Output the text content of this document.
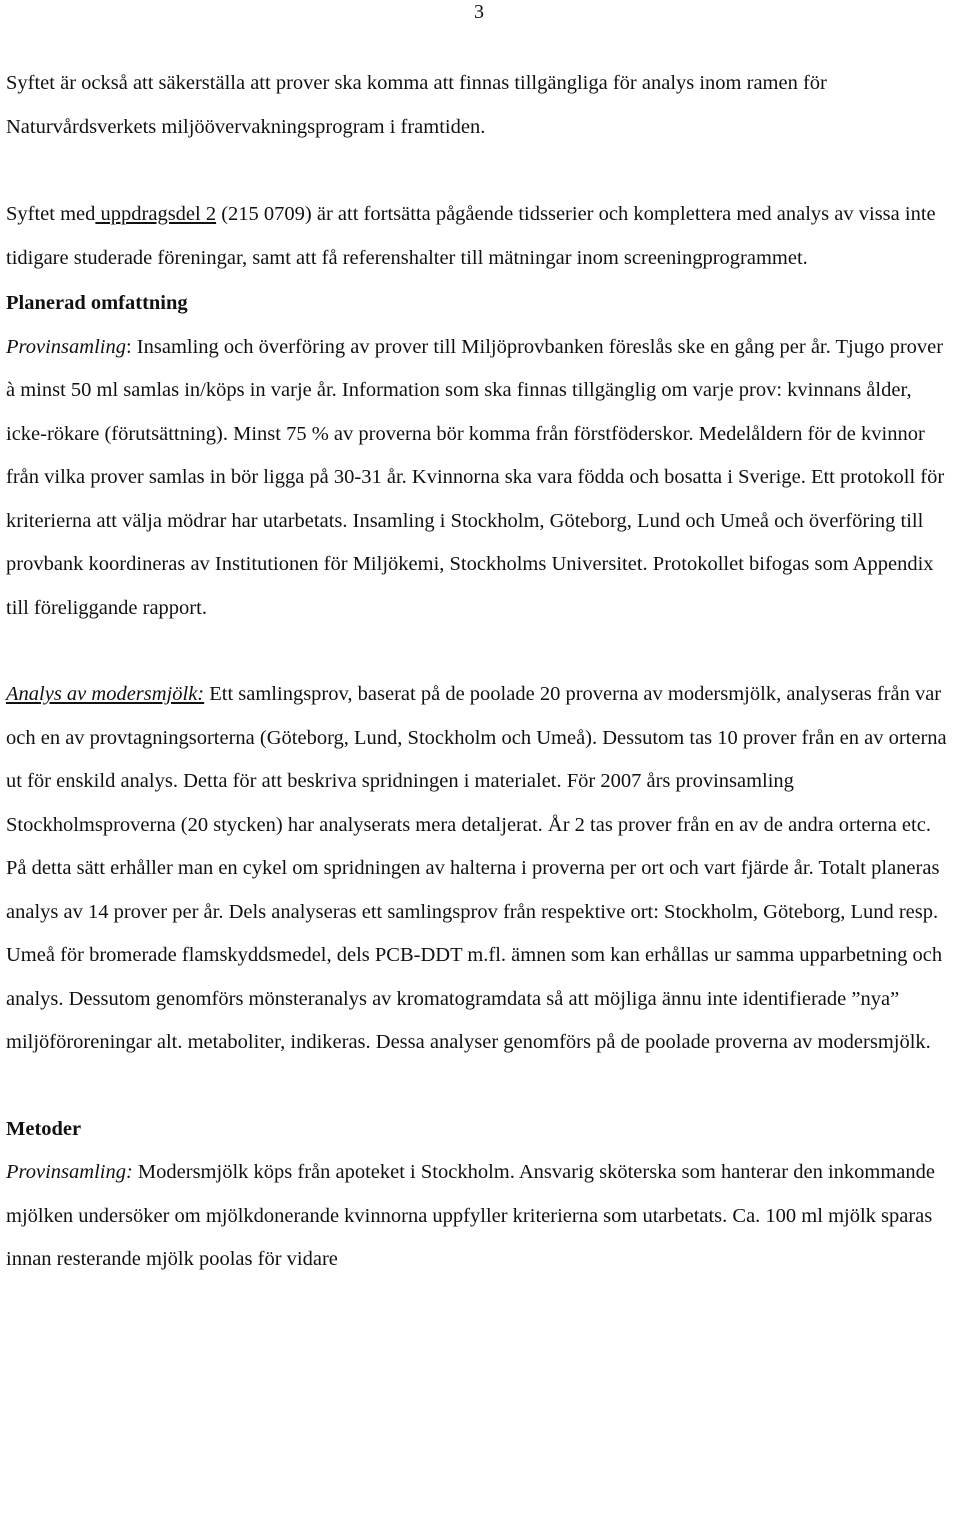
3

Syftet är också att säkerställa att prover ska komma att finnas tillgängliga för analys inom ramen för Naturvårdsverkets miljöövervakningsprogram i framtiden.

Syftet med uppdragsdel 2 (215 0709) är att fortsätta pågående tidsserier och komplettera med analys av vissa inte tidigare studerade föreningar, samt att få referenshalter till mätningar inom screeningprogrammet.

Planerad omfattning

Provinsamling: Insamling och överföring av prover till Miljöprovbanken föreslås ske en gång per år. Tjugo prover à minst 50 ml samlas in/köps in varje år. Information som ska finnas tillgänglig om varje prov: kvinnans ålder, icke-rökare (förutsättning). Minst 75 % av proverna bör komma från förstföderskor. Medelåldern för de kvinnor från vilka prover samlas in bör ligga på 30-31 år. Kvinnorna ska vara födda och bosatta i Sverige. Ett protokoll för kriterierna att välja mödrar har utarbetats. Insamling i Stockholm, Göteborg, Lund och Umeå och överföring till provbank koordineras av Institutionen för Miljökemi, Stockholms Universitet. Protokollet bifogas som Appendix till föreliggande rapport.

Analys av modersmjölk: Ett samlingsprov, baserat på de poolade 20 proverna av modersmjölk, analyseras från var och en av provtagningsorterna (Göteborg, Lund, Stockholm och Umeå). Dessutom tas 10 prover från en av orterna ut för enskild analys. Detta för att beskriva spridningen i materialet. För 2007 års provinsamling Stockholmsproverna (20 stycken) har analyserats mera detaljerat. År 2 tas prover från en av de andra orterna etc. På detta sätt erhåller man en cykel om spridningen av halterna i proverna per ort och vart fjärde år. Totalt planeras analys av 14 prover per år. Dels analyseras ett samlingsprov från respektive ort: Stockholm, Göteborg, Lund resp. Umeå för bromerade flamskyddsmedel, dels PCB-DDT m.fl. ämnen som kan erhållas ur samma upparbetning och analys. Dessutom genomförs mönsteranalys av kromatogramdata så att möjliga ännu inte identifierade ”nya” miljöföroreningar alt. metaboliter, indikeras. Dessa analyser genomförs på de poolade proverna av modersmjölk.

Metoder

Provinsamling: Modersmjölk köps från apoteket i Stockholm. Ansvarig sköterska som hanterar den inkommande mjölken undersöker om mjölkdonerande kvinnorna uppfyller kriterierna som utarbetats. Ca. 100 ml mjölk sparas innan resterande mjölk poolas för vidare
